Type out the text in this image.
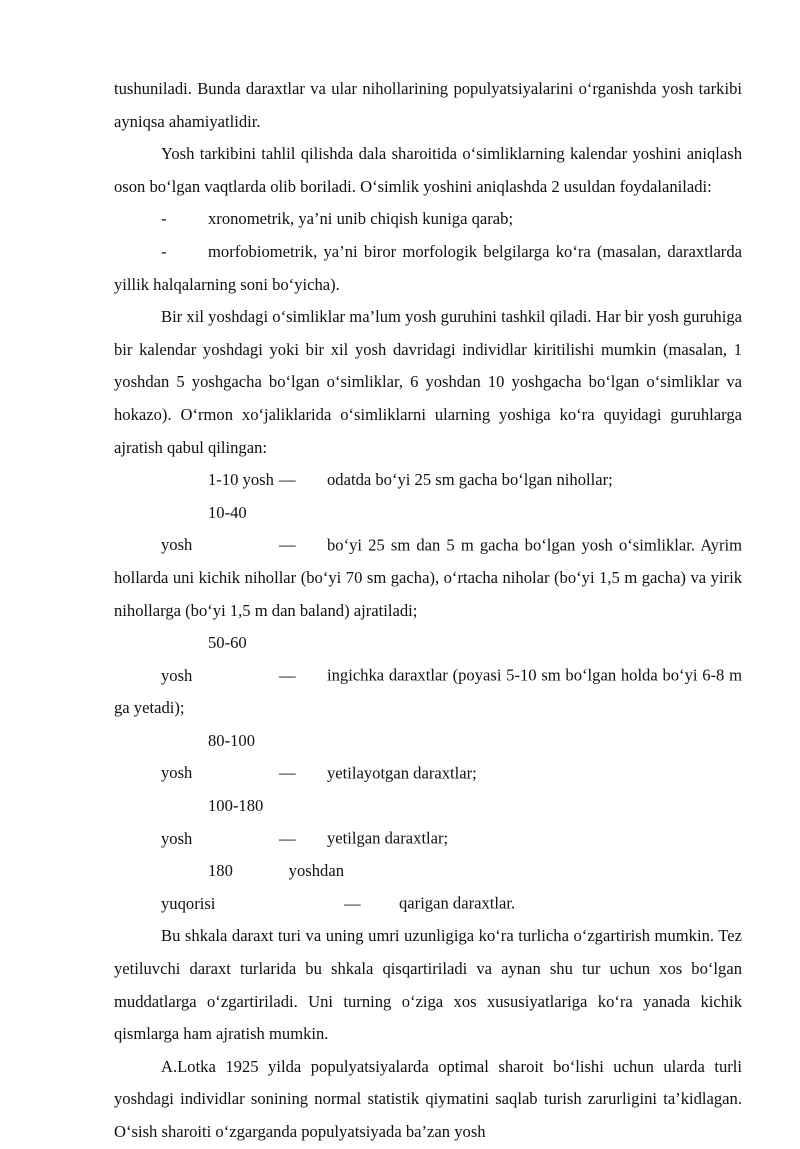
tushuniladi. Bunda daraxtlar va ular nihollarining populyatsiyalarini o‘rganishda yosh tarkibi ayniqsa ahamiyatlidir.

Yosh tarkibini tahlil qilishda dala sharoitida o‘simliklarning kalendar yoshini aniqlash oson bo‘lgan vaqtlarda olib boriladi. O‘simlik yoshini aniqlashda 2 usuldan foydalaniladi:

- xronometrik, ya’ni unib chiqish kuniga qarab;

- morfobiometrik, ya’ni biror morfologik belgilarga ko‘ra (masalan, daraxtlarda yillik halqalarning soni bo‘yicha).

Bir xil yoshdagi o‘simliklar ma’lum yosh guruhini tashkil qiladi. Har bir yosh guruhiga bir kalendar yoshdagi yoki bir xil yosh davridagi individlar kiritilishi mumkin (masalan, 1 yoshdan 5 yoshgacha bo‘lgan o‘simliklar, 6 yoshdan 10 yoshgacha bo‘lgan o‘simliklar va hokazo). O‘rmon xo‘jaliklarida o‘simliklarni ularning yoshiga ko‘ra quyidagi guruhlarga ajratish qabul qilingan:

1-10 yosh — odatda bo‘yi 25 sm gacha bo‘lgan nihollar;

10-40 yosh	— bo‘yi 25 sm dan 5 m gacha bo‘lgan yosh o‘simliklar. Ayrim hollarda uni kichik nihollar (bo‘yi 70 sm gacha), o‘rtacha niholar (bo‘yi 1,5 m gacha) va yirik nihollarga (bo‘yi 1,5 m dan baland) ajratiladi;

50-60 yosh	— ingichka daraxtlar (poyasi 5-10 sm bo‘lgan holda bo‘yi 6-8 m ga yetadi);

80-100 yosh	— yetilayotgan daraxtlar;

100-180 yosh	— yetilgan daraxtlar;

180 yoshdan yuqorisi	— qarigan daraxtlar.

Bu shkala daraxt turi va uning umri uzunligiga ko‘ra turlicha o‘zgartirish mumkin. Tez yetiluvchi daraxt turlarida bu shkala qisqartiriladi va aynan shu tur uchun xos bo‘lgan muddatlarga o‘zgartiriladi. Uni turning o‘ziga xos xususiyatlariga ko‘ra yanada kichik qismlarga ham ajratish mumkin.

A.Lotka 1925 yilda populyatsiyalarda optimal sharoit bo‘lishi uchun ularda turli yoshdagi individlar sonining normal statistik qiymatini saqlab turish zarurligini ta’kidlagan. O‘sish sharoiti o‘zgarganda populyatsiyada ba’zan yosh
